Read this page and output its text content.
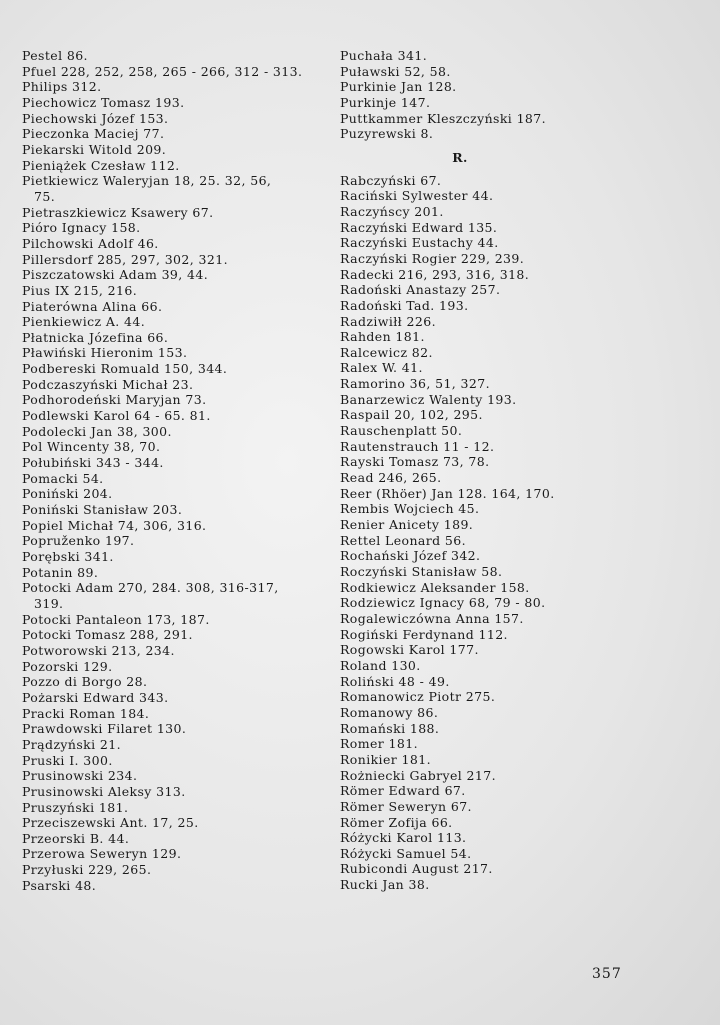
Pestel 86.
Pfuel 228, 252, 258, 265 - 266, 312 - 313.
Philips 312.
Piechowicz Tomasz 193.
Piechowski Józef 153.
Pieczonka Maciej 77.
Piekarski Witold 209.
Pieniążek Czesław 112.
Pietkiewicz Waleryjan 18, 25. 32, 56,
75.
Pietraszkiewicz Ksawery 67.
Pióro Ignacy 158.
Pilchowski Adolf 46.
Pillersdorf 285, 297, 302, 321.
Piszczatowski Adam 39, 44.
Pius IX 215, 216.
Piaterówna Alina 66.
Pienkiewicz A. 44.
Płatnicka Józefina 66.
Pławiński Hieronim 153.
Podbereski Romuald 150, 344.
Podczaszyński Michał 23.
Podhorodeński Maryjan 73.
Podlewski Karol 64 - 65. 81.
Podolecki Jan 38, 300.
Pol Wincenty 38, 70.
Połubiński 343 - 344.
Pomacki 54.
Poniński 204.
Poniński Stanisław 203.
Popiel Michał 74, 306, 316.
Popruženko 197.
Porębski 341.
Potanin 89.
Potocki Adam 270, 284. 308, 316-317,
319.
Potocki Pantaleon 173, 187.
Potocki Tomasz 288, 291.
Potworowski 213, 234.
Pozorski 129.
Pozzo di Borgo 28.
Pożarski Edward 343.
Pracki Roman 184.
Prawdowski Filaret 130.
Prądzyński 21.
Pruski I. 300.
Prusinowski 234.
Prusinowski Aleksy 313.
Pruszyński 181.
Przeciszewski Ant. 17, 25.
Przeorski B. 44.
Przerowa Seweryn 129.
Przyłuski 229, 265.
Psarski 48.
Puchała 341.
Puławski 52, 58.
Purkinie Jan 128.
Purkinje 147.
Puttkammer Kleszczyński 187.
Puzyrewski 8.
R.
Rabczyński 67.
Raciński Sylwester 44.
Raczyńscy 201.
Raczyński Edward 135.
Raczyński Eustachy 44.
Raczyński Rogier 229, 239.
Radecki 216, 293, 316, 318.
Radoński Anastazy 257.
Radoński Tad. 193.
Radziwiłł 226.
Rahden 181.
Ralcewicz 82.
Ralex W. 41.
Ramorino 36, 51, 327.
Banarzewicz Walenty 193.
Raspail 20, 102, 295.
Rauschenplatt 50.
Rautenstrauch 11 - 12.
Rayski Tomasz 73, 78.
Read 246, 265.
Reer (Rhöer) Jan 128. 164, 170.
Rembis Wojciech 45.
Renier Anicety 189.
Rettel Leonard 56.
Rochański Józef 342.
Roczyński Stanisław 58.
Rodkiewicz Aleksander 158.
Rodziewicz Ignacy 68, 79 - 80.
Rogalewiczówna Anna 157.
Rogiński Ferdynand 112.
Rogowski Karol 177.
Roland 130.
Roliński 48 - 49.
Romanowicz Piotr 275.
Romanowy 86.
Romański 188.
Romer 181.
Ronikier 181.
Rożniecki Gabryel 217.
Römer Edward 67.
Römer Seweryn 67.
Römer Zofija 66.
Różycki Karol 113.
Różycki Samuel 54.
Rubicondi August 217.
Rucki Jan 38.
357
